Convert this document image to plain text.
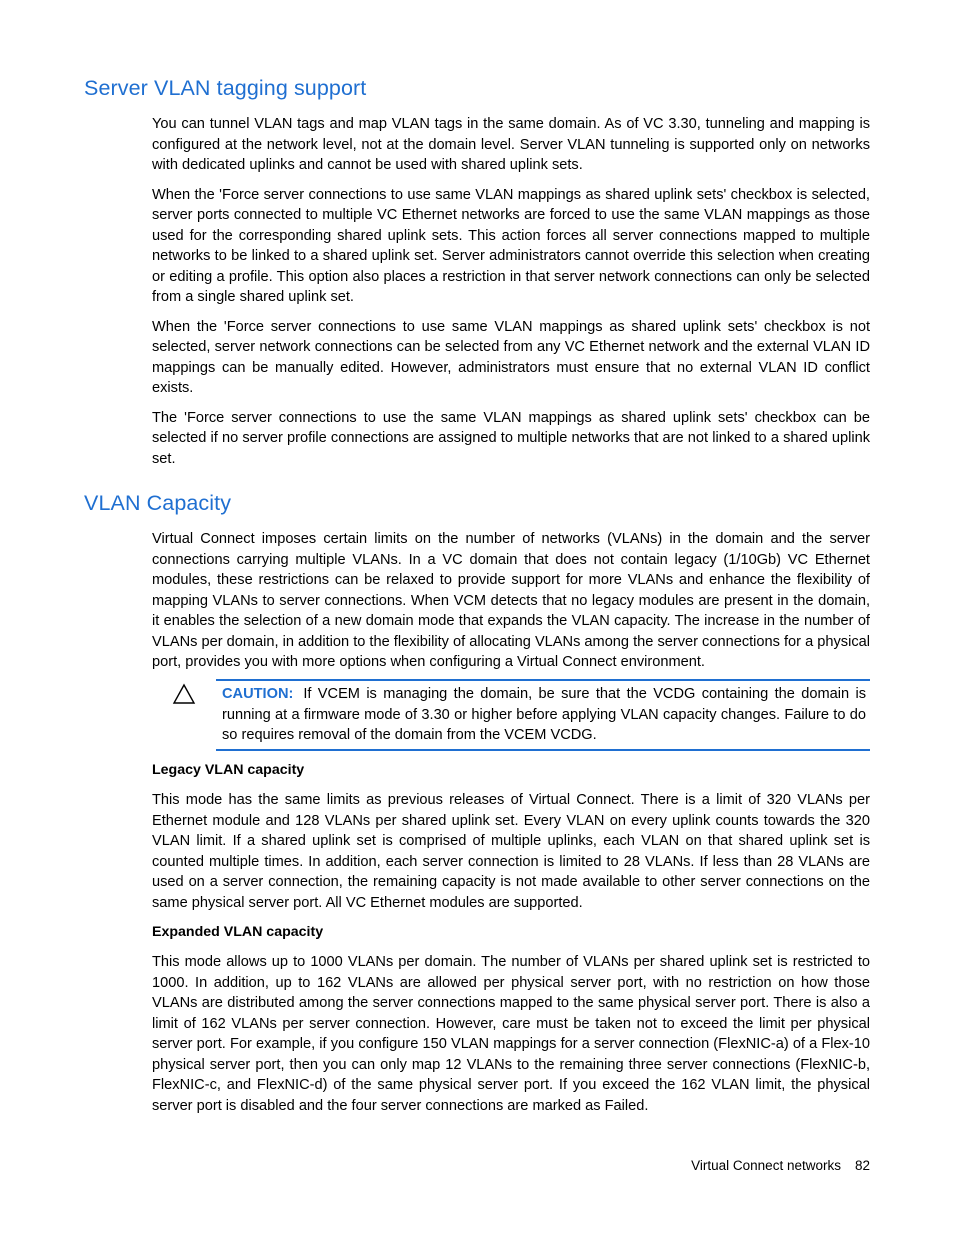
Server VLAN tagging support

You can tunnel VLAN tags and map VLAN tags in the same domain. As of VC 3.30, tunneling and mapping is configured at the network level, not at the domain level. Server VLAN tunneling is supported only on networks with dedicated uplinks and cannot be used with shared uplink sets.

When the 'Force server connections to use same VLAN mappings as shared uplink sets' checkbox is selected, server ports connected to multiple VC Ethernet networks are forced to use the same VLAN mappings as those used for the corresponding shared uplink sets. This action forces all server connections mapped to multiple networks to be linked to a shared uplink set. Server administrators cannot override this selection when creating or editing a profile. This option also places a restriction in that server network connections can only be selected from a single shared uplink set.

When the 'Force server connections to use same VLAN mappings as shared uplink sets' checkbox is not selected, server network connections can be selected from any VC Ethernet network and the external VLAN ID mappings can be manually edited. However, administrators must ensure that no external VLAN ID conflict exists.

The 'Force server connections to use the same VLAN mappings as shared uplink sets' checkbox can be selected if no server profile connections are assigned to multiple networks that are not linked to a shared uplink set.

VLAN Capacity

Virtual Connect imposes certain limits on the number of networks (VLANs) in the domain and the server connections carrying multiple VLANs. In a VC domain that does not contain legacy (1/10Gb) VC Ethernet modules, these restrictions can be relaxed to provide support for more VLANs and enhance the flexibility of mapping VLANs to server connections. When VCM detects that no legacy modules are present in the domain, it enables the selection of a new domain mode that expands the VLAN capacity. The increase in the number of VLANs per domain, in addition to the flexibility of allocating VLANs among the server connections for a physical port, provides you with more options when configuring a Virtual Connect environment.

CAUTION: If VCEM is managing the domain, be sure that the VCDG containing the domain is running at a firmware mode of 3.30 or higher before applying VLAN capacity changes. Failure to do so requires removal of the domain from the VCEM VCDG.

Legacy VLAN capacity

This mode has the same limits as previous releases of Virtual Connect. There is a limit of 320 VLANs per Ethernet module and 128 VLANs per shared uplink set. Every VLAN on every uplink counts towards the 320 VLAN limit. If a shared uplink set is comprised of multiple uplinks, each VLAN on that shared uplink set is counted multiple times. In addition, each server connection is limited to 28 VLANs. If less than 28 VLANs are used on a server connection, the remaining capacity is not made available to other server connections on the same physical server port. All VC Ethernet modules are supported.

Expanded VLAN capacity

This mode allows up to 1000 VLANs per domain. The number of VLANs per shared uplink set is restricted to 1000. In addition, up to 162 VLANs are allowed per physical server port, with no restriction on how those VLANs are distributed among the server connections mapped to the same physical server port. There is also a limit of 162 VLANs per server connection. However, care must be taken not to exceed the limit per physical server port. For example, if you configure 150 VLAN mappings for a server connection (FlexNIC-a) of a Flex-10 physical server port, then you can only map 12 VLANs to the remaining three server connections (FlexNIC-b, FlexNIC-c, and FlexNIC-d) of the same physical server port. If you exceed the 162 VLAN limit, the physical server port is disabled and the four server connections are marked as Failed.

Virtual Connect networks 82
